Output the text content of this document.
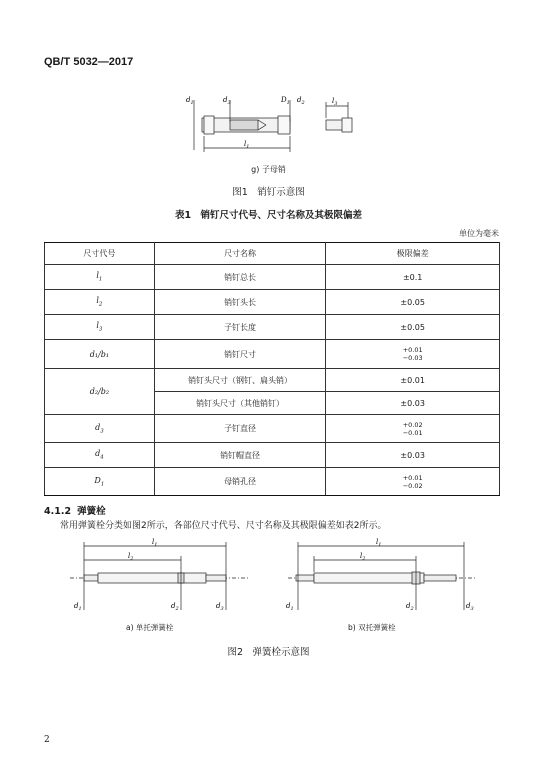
QB/T 5032—2017
$d_1$	$d_3$	$D_1$	$l_3$
$l_1$
$d_2$
g) 子母销
图1　销钉示意图
表1　销钉尺寸代号、尺寸名称及其极限偏差
单位为毫米
尺寸代号	尺寸名称	极限偏差
$l_1$	销钉总长	±0.1
$l_2$	销钉头长	±0.05
$l_3$	子钉长度	±0.05
d₁/b₁	销钉尺寸	+0.01
−0.03

d₂/b₂	销钉头尺寸（钢钉、扁头销）	±0.01
	销钉头尺寸（其他销钉）	±0.03
$d_3$	子钉直径	+0.02
−0.01

$d_4$	销钉帽直径	±0.03
$D_1$	母销孔径	+0.01
−0.02
4.1.2 弹簧栓
常用弹簧栓分类如图2所示，各部位尺寸代号、尺寸名称及其极限偏差如表2所示。
$l_1$
$l_2$
$d_1$	$d_2$	$d_3$
$l_1$
$l_2$
$d_1$	$d_2$	$d_3$
a) 单托弹簧栓	b) 双托弹簧栓
图2　弹簧栓示意图
2
